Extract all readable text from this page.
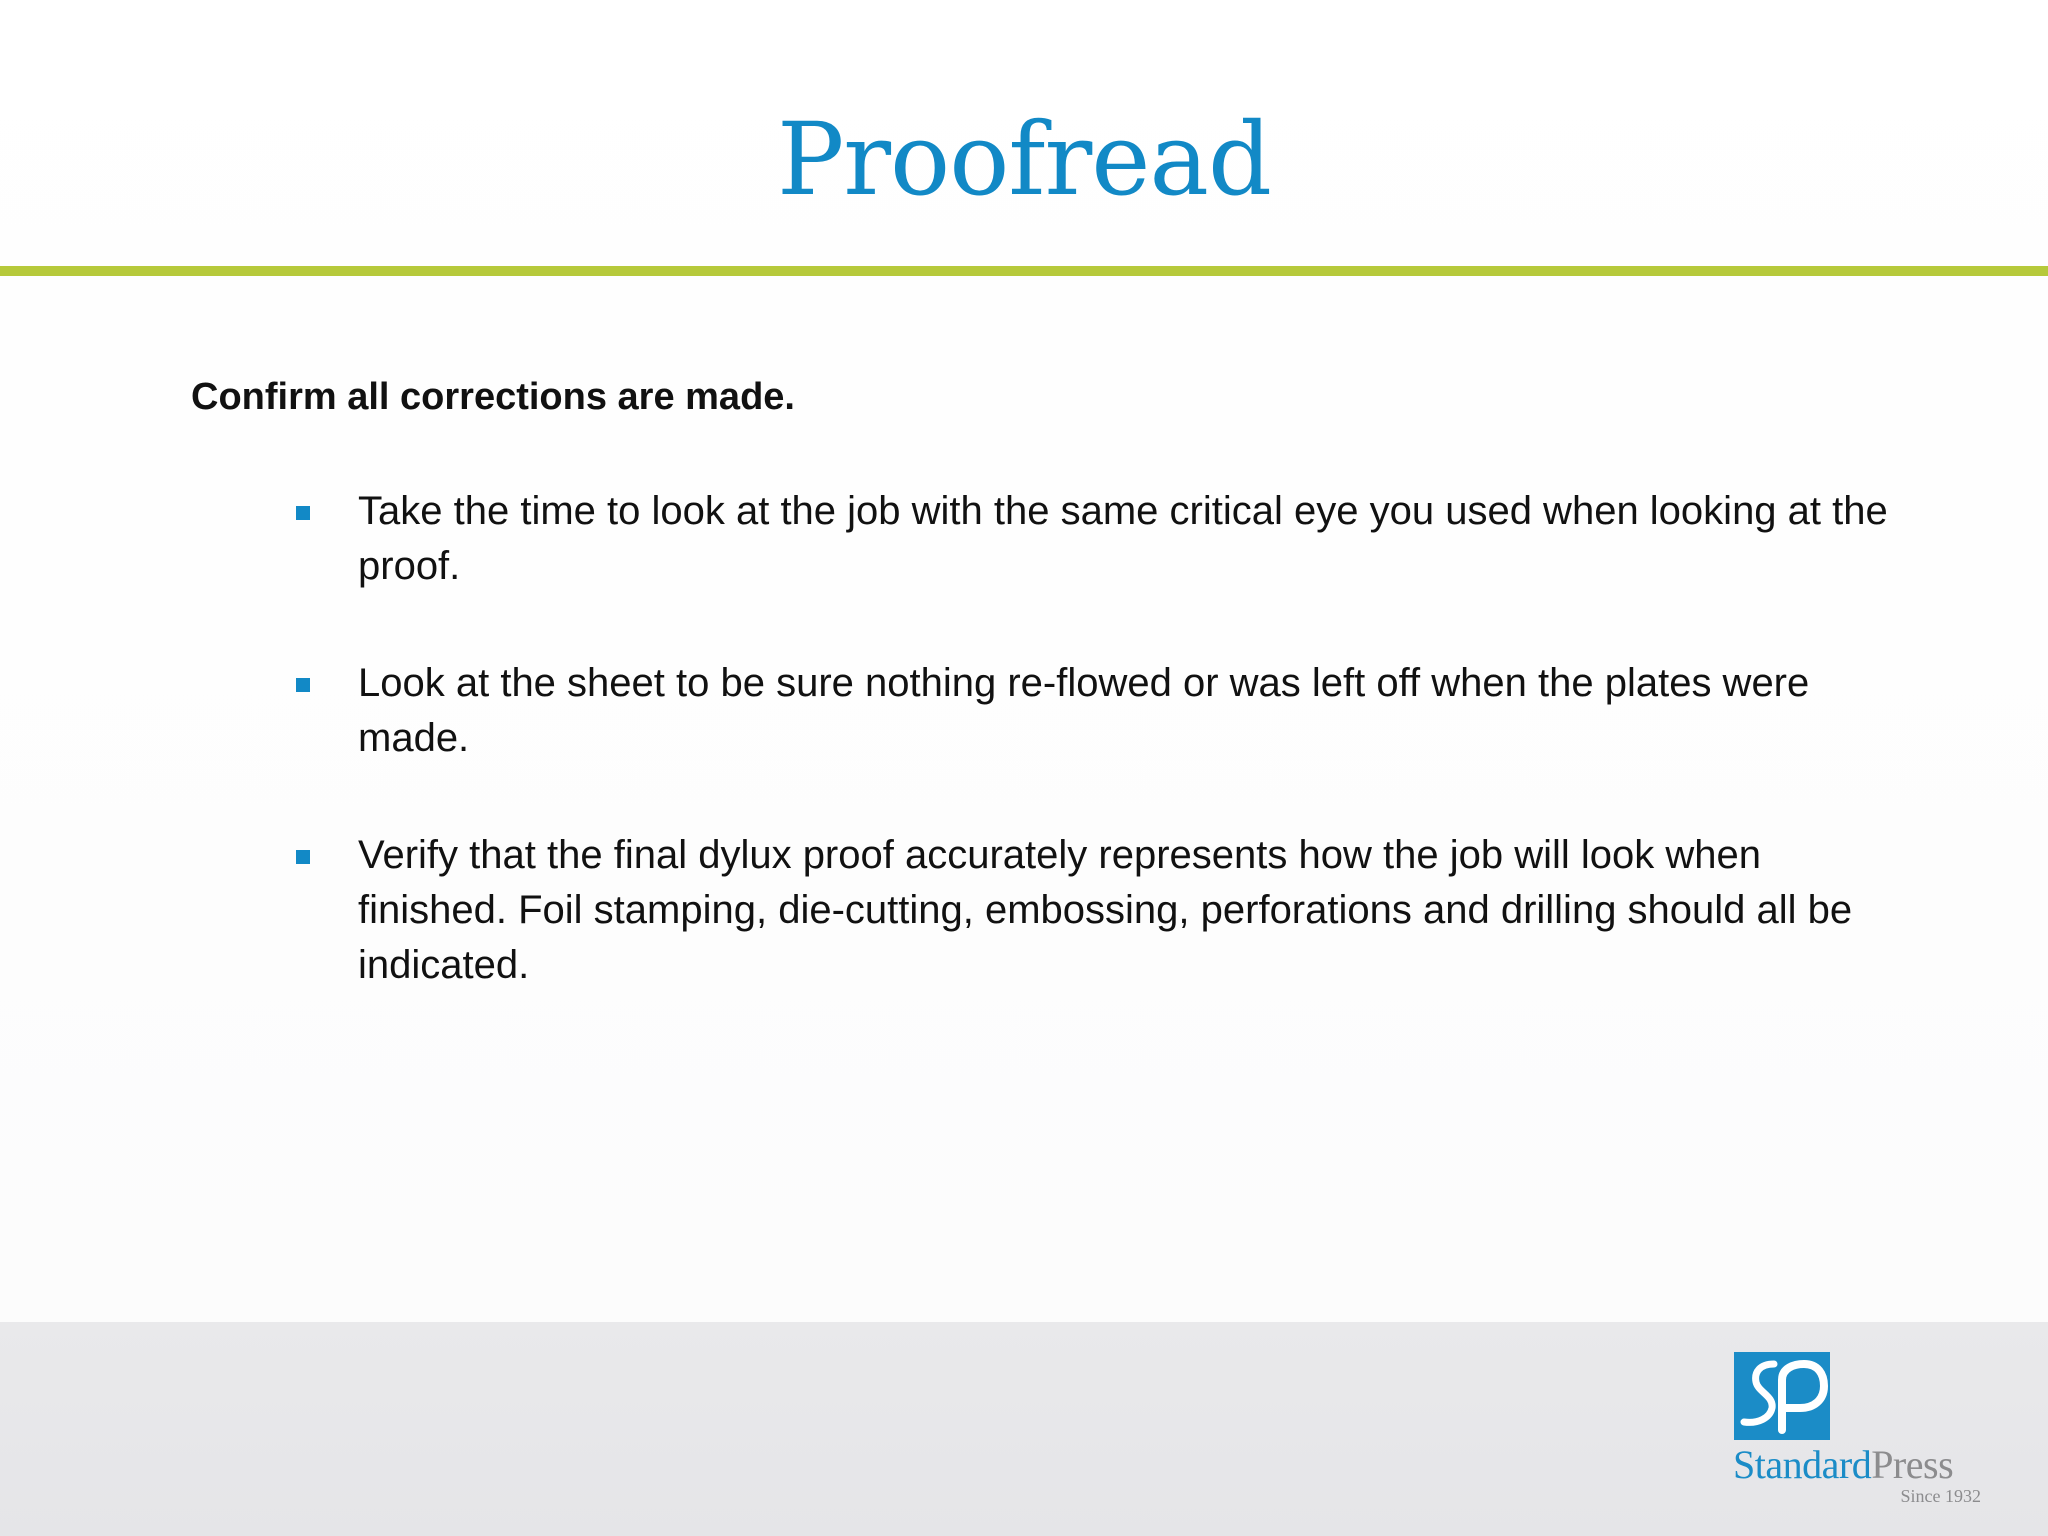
Proofread
Confirm all corrections are made.
Take the time to look at the job with the same critical eye you used when looking at the proof.
Look at the sheet to be sure nothing re-flowed or was left off when the plates were made.
Verify that the final dylux proof accurately represents how the job will look when finished. Foil stamping, die-cutting, embossing, perforations and drilling should all be indicated.
StandardPress
Since 1932
